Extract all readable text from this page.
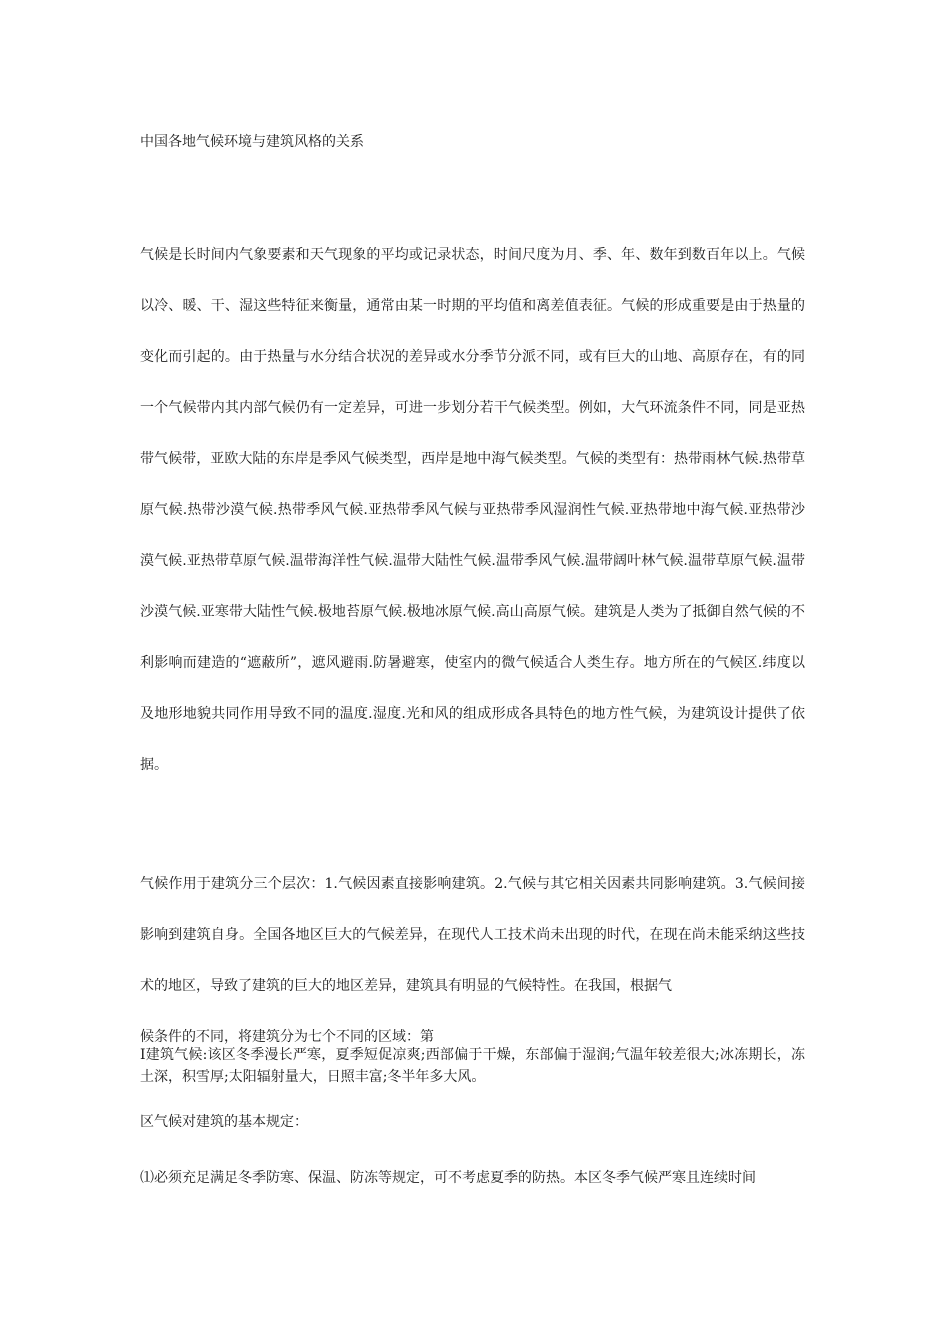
中国各地气候环境与建筑风格的关系

气候是长时间内气象要素和天气现象的平均或记录状态，时间尺度为月、季、年、数年到数百年以上。气候以冷、暖、干、湿这些特征来衡量，通常由某一时期的平均值和离差值表征。气候的形成重要是由于热量的变化而引起的。由于热量与水分结合状况的差异或水分季节分派不同，或有巨大的山地、高原存在，有的同一个气候带内其内部气候仍有一定差异，可进一步划分若干气候类型。例如，大气环流条件不同，同是亚热带气候带，亚欧大陆的东岸是季风气候类型，西岸是地中海气候类型。气候的类型有：热带雨林气候.热带草原气候.热带沙漠气候.热带季风气候.亚热带季风气候与亚热带季风湿润性气候.亚热带地中海气候.亚热带沙漠气候.亚热带草原气候.温带海洋性气候.温带大陆性气候.温带季风气候.温带阔叶林气候.温带草原气候.温带沙漠气候.亚寒带大陆性气候.极地苔原气候.极地冰原气候.高山高原气候。建筑是人类为了抵御自然气候的不利影响而建造的“遮蔽所”，遮风避雨.防暑避寒，使室内的微气候适合人类生存。地方所在的气候区.纬度以及地形地貌共同作用导致不同的温度.湿度.光和风的组成形成各具特色的地方性气候，为建筑设计提供了依据。

气候作用于建筑分三个层次：1.气候因素直接影响建筑。2.气候与其它相关因素共同影响建筑。3.气候间接影响到建筑自身。全国各地区巨大的气候差异，在现代人工技术尚未出现的时代，在现在尚未能采纳这些技术的地区，导致了建筑的巨大的地区差异，建筑具有明显的气候特性。在我国，根据气

候条件的不同，将建筑分为七个不同的区域：第

Ⅰ建筑气候:该区冬季漫长严寒，夏季短促凉爽;西部偏于干燥，东部偏于湿润;气温年较差很大;冰冻期长，冻土深，积雪厚;太阳辐射量大，日照丰富;冬半年多大风。

区气候对建筑的基本规定：

⑴必须充足满足冬季防寒、保温、防冻等规定，可不考虑夏季的防热。本区冬季气候严寒且连续时间
